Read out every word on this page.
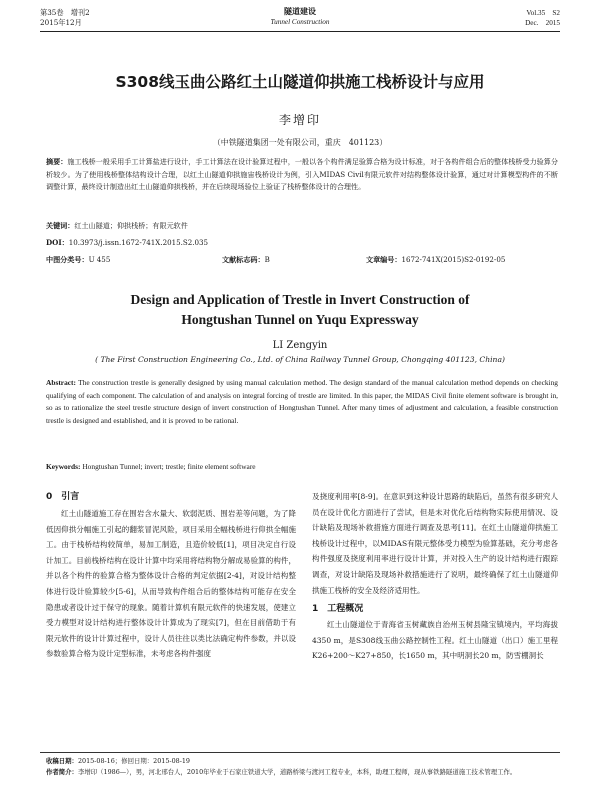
第35卷　增刊2
2015年12月
隧道建设
Tunnel Construction
Vol.35　S2
Dec.　2015
S308线玉曲公路红土山隧道仰拱施工栈桥设计与应用
李增印
（中铁隧道集团一处有限公司，重庆　401123）
摘要：施工栈桥一般采用手工计算盐进行设计，手工计算法在设计验算过程中，一般以各个构件满足验算合格为设计标准，对于各构件组合后的整体栈桥受力验算分析较少。为了使用栈桥整体结构设计合理，以红土山隧道仰拱施宙栈桥设计为例，引入MIDAS Civil有限元软件对结构整体设计验算，通过对计算模型构件的不断调整计算，最终设计制造出红土山隧道仰拱栈桥，并在后续现场验位上验证了栈桥整体设计的合理性。
关键词：红土山隧道；仰拱栈桥；有限元软件
DOI：10.3973/j.issn.1672-741X.2015.S2.035
中图分类号：U 455	文献标志码：B	文章编号：1672-741X(2015)S2-0192-05
Design and Application of Trestle in Invert Construction of
Hongtushan Tunnel on Yuqu Expressway
LI Zengyin
( The First Construction Engineering Co., Ltd. of China Railway Tunnel Group, Chongqing 401123, China)
Abstract: The construction trestle is generally designed by using manual calculation method. The design standard of the manual calculation method depends on checking qualifying of each component. The calculation of and analysis on integral forcing of trestle are limited. In this paper, the MIDAS Civil finite element software is brought in, so as to rationalize the steel trestle structure design of invert construction of Hongtushan Tunnel. After many times of adjustment and calculation, a feasible construction trestle is designed and established, and it is proved to be rational.
Keywords: Hongtushan Tunnel; invert; trestle; finite element software
0　引言
红土山隧道施工存在围岩含水量大、软弱泥质、围岩差等问题，为了降低因仰拱分幅施工引起的翻浆冒泥风险，项目采用全幅栈桥进行仰拱全幅施工。由于栈桥结构较简单，易加工制造，且造价较低[1]，项目决定自行设计加工。目前栈桥结构在设计计算中均采用将结构物分解成易验算的构件，并以各个构件的验算合格为整体设计合格的判定依据[2-4]，对设计结构整体进行设计验算较少[5-6]，从而导致构件组合后的整体结构可能存在安全隐患或者设计过于保守的现象。随着计算机有限元软件的快速发展，使建立受力模型对设计结构进行整体设计计算成为了现实[7]，但在目前借助于有限元软件的设计计算过程中，设计人员往往以类比法确定构件参数，并以设参数验算合格为设计定型标准，未考虑各构件强度
及挠度利用率[8-9]。在意识到这种设计思路的缺陷后，虽然有很多研究人员在设计优化方面进行了尝试，但是未对优化后结构物实际使用情况、设计缺陷及现场补救措施方面进行调查及思考[11]。在红土山隧道仰拱施工栈桥设计过程中，以MIDAS有限元整体受力模型为验算基础，充分考虑各构件强度及挠度利用率进行设计计算，并对投入生产的设计结构进行跟踪调查，对设计缺陷及现场补救措施进行了说明，最终确保了红土山隧道仰拱施工栈桥的安全及经济适用性。
1　工程概况
红土山隧道位于青海省玉树藏族自治州玉树县隆宝镇境内，平均海拔4350 m，是S308线玉曲公路控制性工程。红土山隧道（出口）施工里程K26+200～K27+850，长1650 m，其中明洞长20 m，防雪棚洞长
收稿日期：2015-08-16；修回日期：2015-08-19
作者简介：李增印（1986—），男，河北邢台人，2010年毕业于石家庄铁道大学，道路桥梁与渡河工程专业，本科，助理工程师，现从事铁路隧道施工技术管理工作。
